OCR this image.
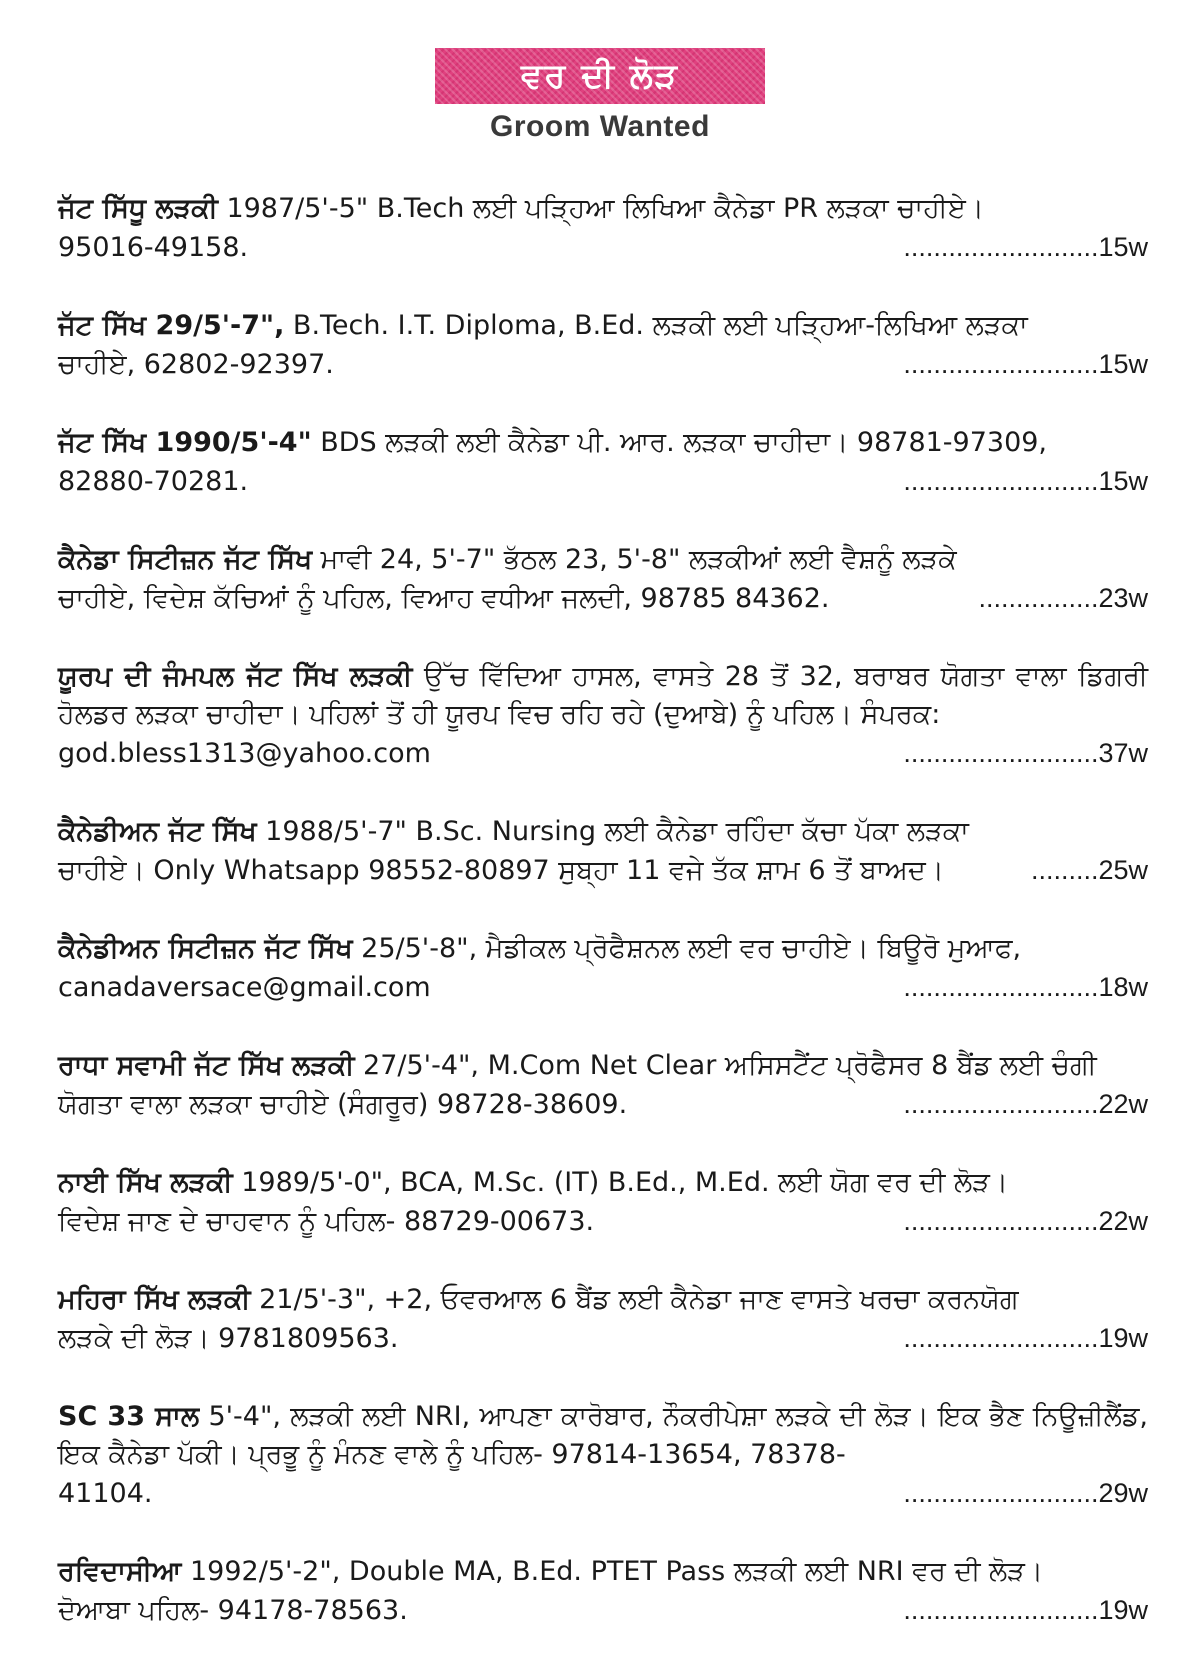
ਵਰ ਦੀ ਲੋੜ
Groom Wanted
ਜੱਟ ਸਿੱਧੂ ਲੜਕੀ 1987/5'-5" B.Tech ਲਈ ਪੜ੍ਹਿਆ ਲਿਖਿਆ ਕੈਨੇਡਾ PR ਲੜਕਾ ਚਾਹੀਏ।
95016-49158.	..........................15w
ਜੱਟ ਸਿੱਖ 29/5'-7", B.Tech. I.T. Diploma, B.Ed. ਲੜਕੀ ਲਈ ਪੜ੍ਹਿਆ-ਲਿਖਿਆ ਲੜਕਾ
ਚਾਹੀਏ, 62802-92397.	..........................15w
ਜੱਟ ਸਿੱਖ 1990/5'-4" BDS ਲੜਕੀ ਲਈ ਕੈਨੇਡਾ ਪੀ. ਆਰ. ਲੜਕਾ ਚਾਹੀਦਾ। 98781-97309,
82880-70281.	..........................15w
ਕੈਨੇਡਾ ਸਿਟੀਜ਼ਨ ਜੱਟ ਸਿੱਖ ਮਾਵੀ 24, 5'-7" ਭੱਠਲ 23, 5'-8" ਲੜਕੀਆਂ ਲਈ ਵੈਸ਼ਨੂੰ ਲੜਕੇ
ਚਾਹੀਏ, ਵਿਦੇਸ਼ ਕੱਚਿਆਂ ਨੂੰ ਪਹਿਲ, ਵਿਆਹ ਵਧੀਆ ਜਲਦੀ, 98785 84362.	................23w
ਯੂਰਪ ਦੀ ਜੰਮਪਲ ਜੱਟ ਸਿੱਖ ਲੜਕੀ ਉੱਚ ਵਿੱਦਿਆ ਹਾਸਲ, ਵਾਸਤੇ 28 ਤੋਂ 32, ਬਰਾਬਰ ਯੋਗਤਾ ਵਾਲਾ ਡਿਗਰੀ ਹੋਲਡਰ ਲੜਕਾ ਚਾਹੀਦਾ। ਪਹਿਲਾਂ ਤੋਂ ਹੀ ਯੂਰਪ ਵਿਚ ਰਹਿ ਰਹੇ (ਦੁਆਬੇ) ਨੂੰ ਪਹਿਲ। ਸੰਪਰਕ:
god.bless1313@yahoo.com	..........................37w
ਕੈਨੇਡੀਅਨ ਜੱਟ ਸਿੱਖ 1988/5'-7" B.Sc. Nursing ਲਈ ਕੈਨੇਡਾ ਰਹਿੰਦਾ ਕੱਚਾ ਪੱਕਾ ਲੜਕਾ
ਚਾਹੀਏ। Only Whatsapp 98552-80897 ਸੁਬ੍ਹਾ 11 ਵਜੇ ਤੱਕ ਸ਼ਾਮ 6 ਤੋਂ ਬਾਅਦ।	.........25w
ਕੈਨੇਡੀਅਨ ਸਿਟੀਜ਼ਨ ਜੱਟ ਸਿੱਖ 25/5'-8", ਮੈਡੀਕਲ ਪ੍ਰੋਫੈਸ਼ਨਲ ਲਈ ਵਰ ਚਾਹੀਏ। ਬਿਊਰੋ ਮੁਆਫ,
canadaversace@gmail.com	..........................18w
ਰਾਧਾ ਸਵਾਮੀ ਜੱਟ ਸਿੱਖ ਲੜਕੀ 27/5'-4", M.Com Net Clear ਅਸਿਸਟੈਂਟ ਪ੍ਰੋਫੈਸਰ 8 ਬੈਂਡ ਲਈ ਚੰਗੀ
ਯੋਗਤਾ ਵਾਲਾ ਲੜਕਾ ਚਾਹੀਏ (ਸੰਗਰੂਰ) 98728-38609.	..........................22w
ਨਾਈ ਸਿੱਖ ਲੜਕੀ 1989/5'-0", BCA, M.Sc. (IT) B.Ed., M.Ed. ਲਈ ਯੋਗ ਵਰ ਦੀ ਲੋੜ।
ਵਿਦੇਸ਼ ਜਾਣ ਦੇ ਚਾਹਵਾਨ ਨੂੰ ਪਹਿਲ- 88729-00673.	..........................22w
ਮਹਿਰਾ ਸਿੱਖ ਲੜਕੀ 21/5'-3", +2, ਓਵਰਆਲ 6 ਬੈਂਡ ਲਈ ਕੈਨੇਡਾ ਜਾਣ ਵਾਸਤੇ ਖਰਚਾ ਕਰਨਯੋਗ
ਲੜਕੇ ਦੀ ਲੋੜ। 9781809563.	..........................19w
SC 33 ਸਾਲ 5'-4", ਲੜਕੀ ਲਈ NRI, ਆਪਣਾ ਕਾਰੋਬਾਰ, ਨੌਕਰੀਪੇਸ਼ਾ ਲੜਕੇ ਦੀ ਲੋੜ। ਇਕ ਭੈਣ ਨਿਊਜ਼ੀਲੈਂਡ, ਇਕ ਕੈਨੇਡਾ ਪੱਕੀ। ਪ੍ਰਭੂ ਨੂੰ ਮੰਨਣ ਵਾਲੇ ਨੂੰ ਪਹਿਲ- 97814-13654, 78378-
41104.	..........................29w
ਰਵਿਦਾਸੀਆ 1992/5'-2", Double MA, B.Ed. PTET Pass ਲੜਕੀ ਲਈ NRI ਵਰ ਦੀ ਲੋੜ।
ਦੋਆਬਾ ਪਹਿਲ- 94178-78563.	..........................19w
